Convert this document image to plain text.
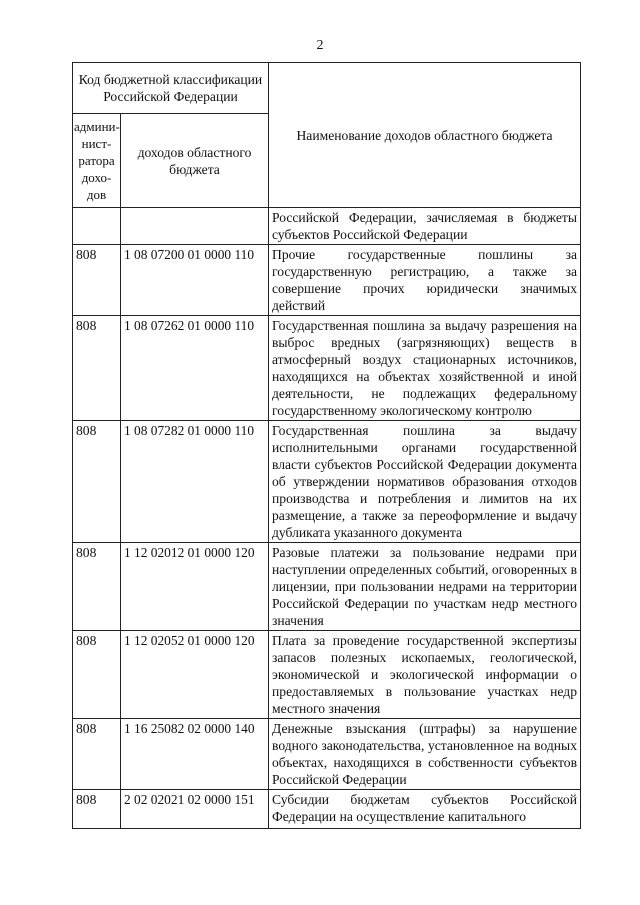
2
Код бюджетной классификации Российской Федерации		Наименование доходов областного бюджета
админи-нист-ратора дохо-дов	доходов областного бюджета	
		Российской Федерации, зачисляемая в бюджеты субъектов Российской Федерации
808	1 08 07200 01 0000 110	Прочие государственные пошлины за государственную регистрацию, а также за совершение прочих юридически значимых действий
808	1 08 07262 01 0000 110	Государственная пошлина за выдачу разрешения на выброс вредных (загрязняющих) веществ в атмосферный воздух стационарных источников, находящихся на объектах хозяйственной и иной деятельности, не подлежащих федеральному государственному экологическому контролю
808	1 08 07282 01 0000 110	Государственная пошлина за выдачу исполнительными органами государственной власти субъектов Российской Федерации документа об утверждении нормативов образования отходов производства и потребления и лимитов на их размещение, а также за переоформление и выдачу дубликата указанного документа
808	1 12 02012 01 0000 120	Разовые платежи за пользование недрами при наступлении определенных событий, оговоренных в лицензии, при пользовании недрами на территории Российской Федерации по участкам недр местного значения
808	1 12 02052 01 0000 120	Плата за проведение государственной экспертизы запасов полезных ископаемых, геологической, экономической и экологической информации о предоставляемых в пользование участках недр местного значения
808	1 16 25082 02 0000 140	Денежные взыскания (штрафы) за нарушение водного законодательства, установленное на водных объектах, находящихся в собственности субъектов Российской Федерации
808	2 02 02021 02 0000 151	Субсидии бюджетам субъектов Российской Федерации на осуществление капитального
